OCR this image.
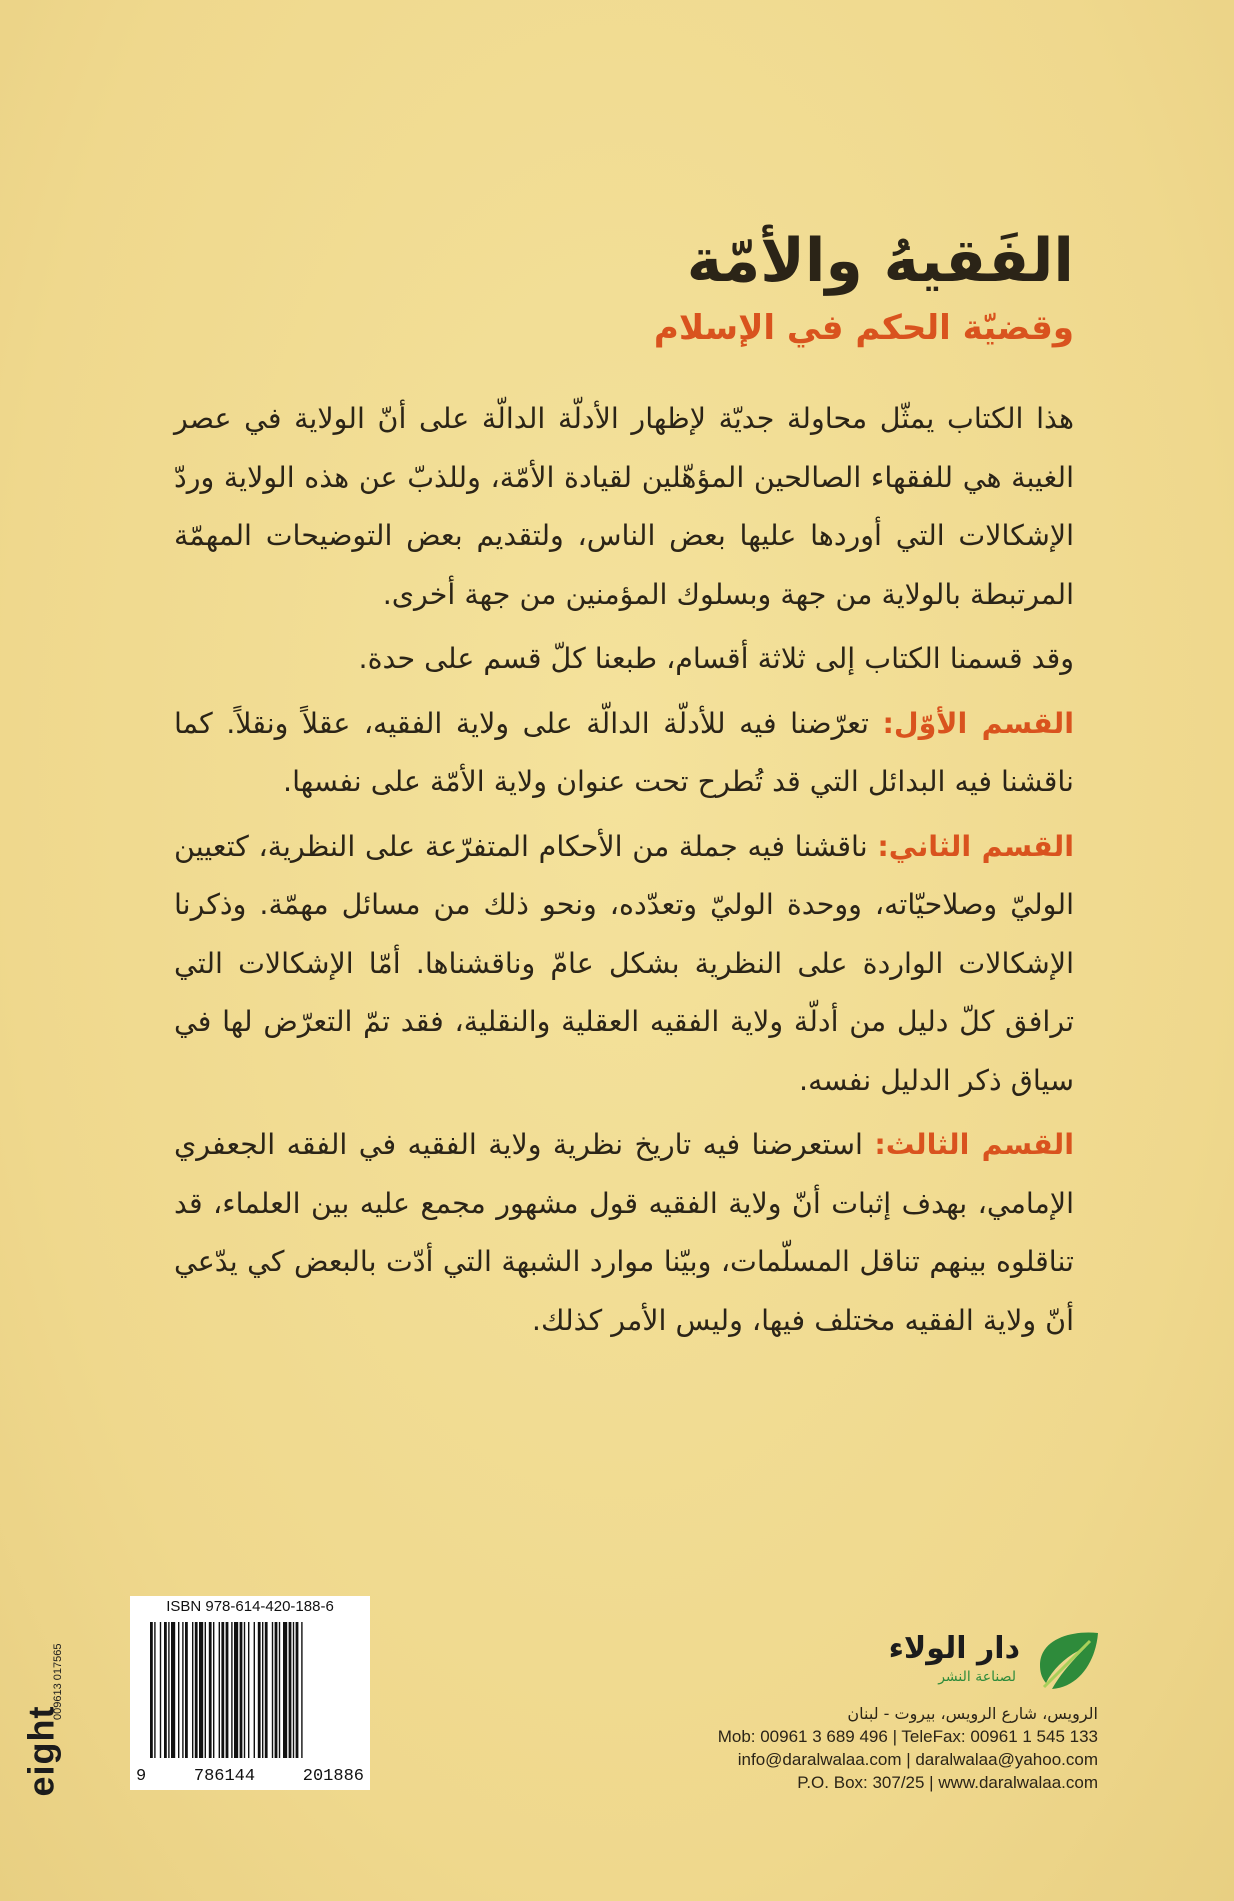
الفَقيهُ والأمّة
وقضيّة الحكم في الإسلام

هذا الكتاب يمثّل محاولة جديّة لإظهار الأدلّة الدالّة على أنّ الولاية في عصر الغيبة هي للفقهاء الصالحين المؤهّلين لقيادة الأمّة، وللذبّ عن هذه الولاية وردّ الإشكالات التي أوردها عليها بعض الناس، ولتقديم بعض التوضيحات المهمّة المرتبطة بالولاية من جهة وبسلوك المؤمنين من جهة أخرى.

وقد قسمنا الكتاب إلى ثلاثة أقسام، طبعنا كلّ قسم على حدة.

القسم الأوّل: تعرّضنا فيه للأدلّة الدالّة على ولاية الفقيه، عقلاً ونقلاً. كما ناقشنا فيه البدائل التي قد تُطرح تحت عنوان ولاية الأمّة على نفسها.

القسم الثاني: ناقشنا فيه جملة من الأحكام المتفرّعة على النظرية، كتعيين الوليّ وصلاحيّاته، ووحدة الوليّ وتعدّده، ونحو ذلك من مسائل مهمّة. وذكرنا الإشكالات الواردة على النظرية بشكل عامّ وناقشناها. أمّا الإشكالات التي ترافق كلّ دليل من أدلّة ولاية الفقيه العقلية والنقلية، فقد تمّ التعرّض لها في سياق ذكر الدليل نفسه.

القسم الثالث: استعرضنا فيه تاريخ نظرية ولاية الفقيه في الفقه الجعفري الإمامي، بهدف إثبات أنّ ولاية الفقيه قول مشهور مجمع عليه بين العلماء، قد تناقلوه بينهم تناقل المسلّمات، وبيّنا موارد الشبهة التي أدّت بالبعض كي يدّعي أنّ ولاية الفقيه مختلف فيها، وليس الأمر كذلك.

eight
009613 017565
ISBN 978-614-420-188-6
9	786144	201886
دار الولاء
لصناعة النشر
الرويس، شارع الرويس، بيروت - لبنان
Mob: 00961 3 689 496 | TeleFax: 00961 1 545 133
info@daralwalaa.com | daralwalaa@yahoo.com
P.O. Box: 307/25 | www.daralwalaa.com
